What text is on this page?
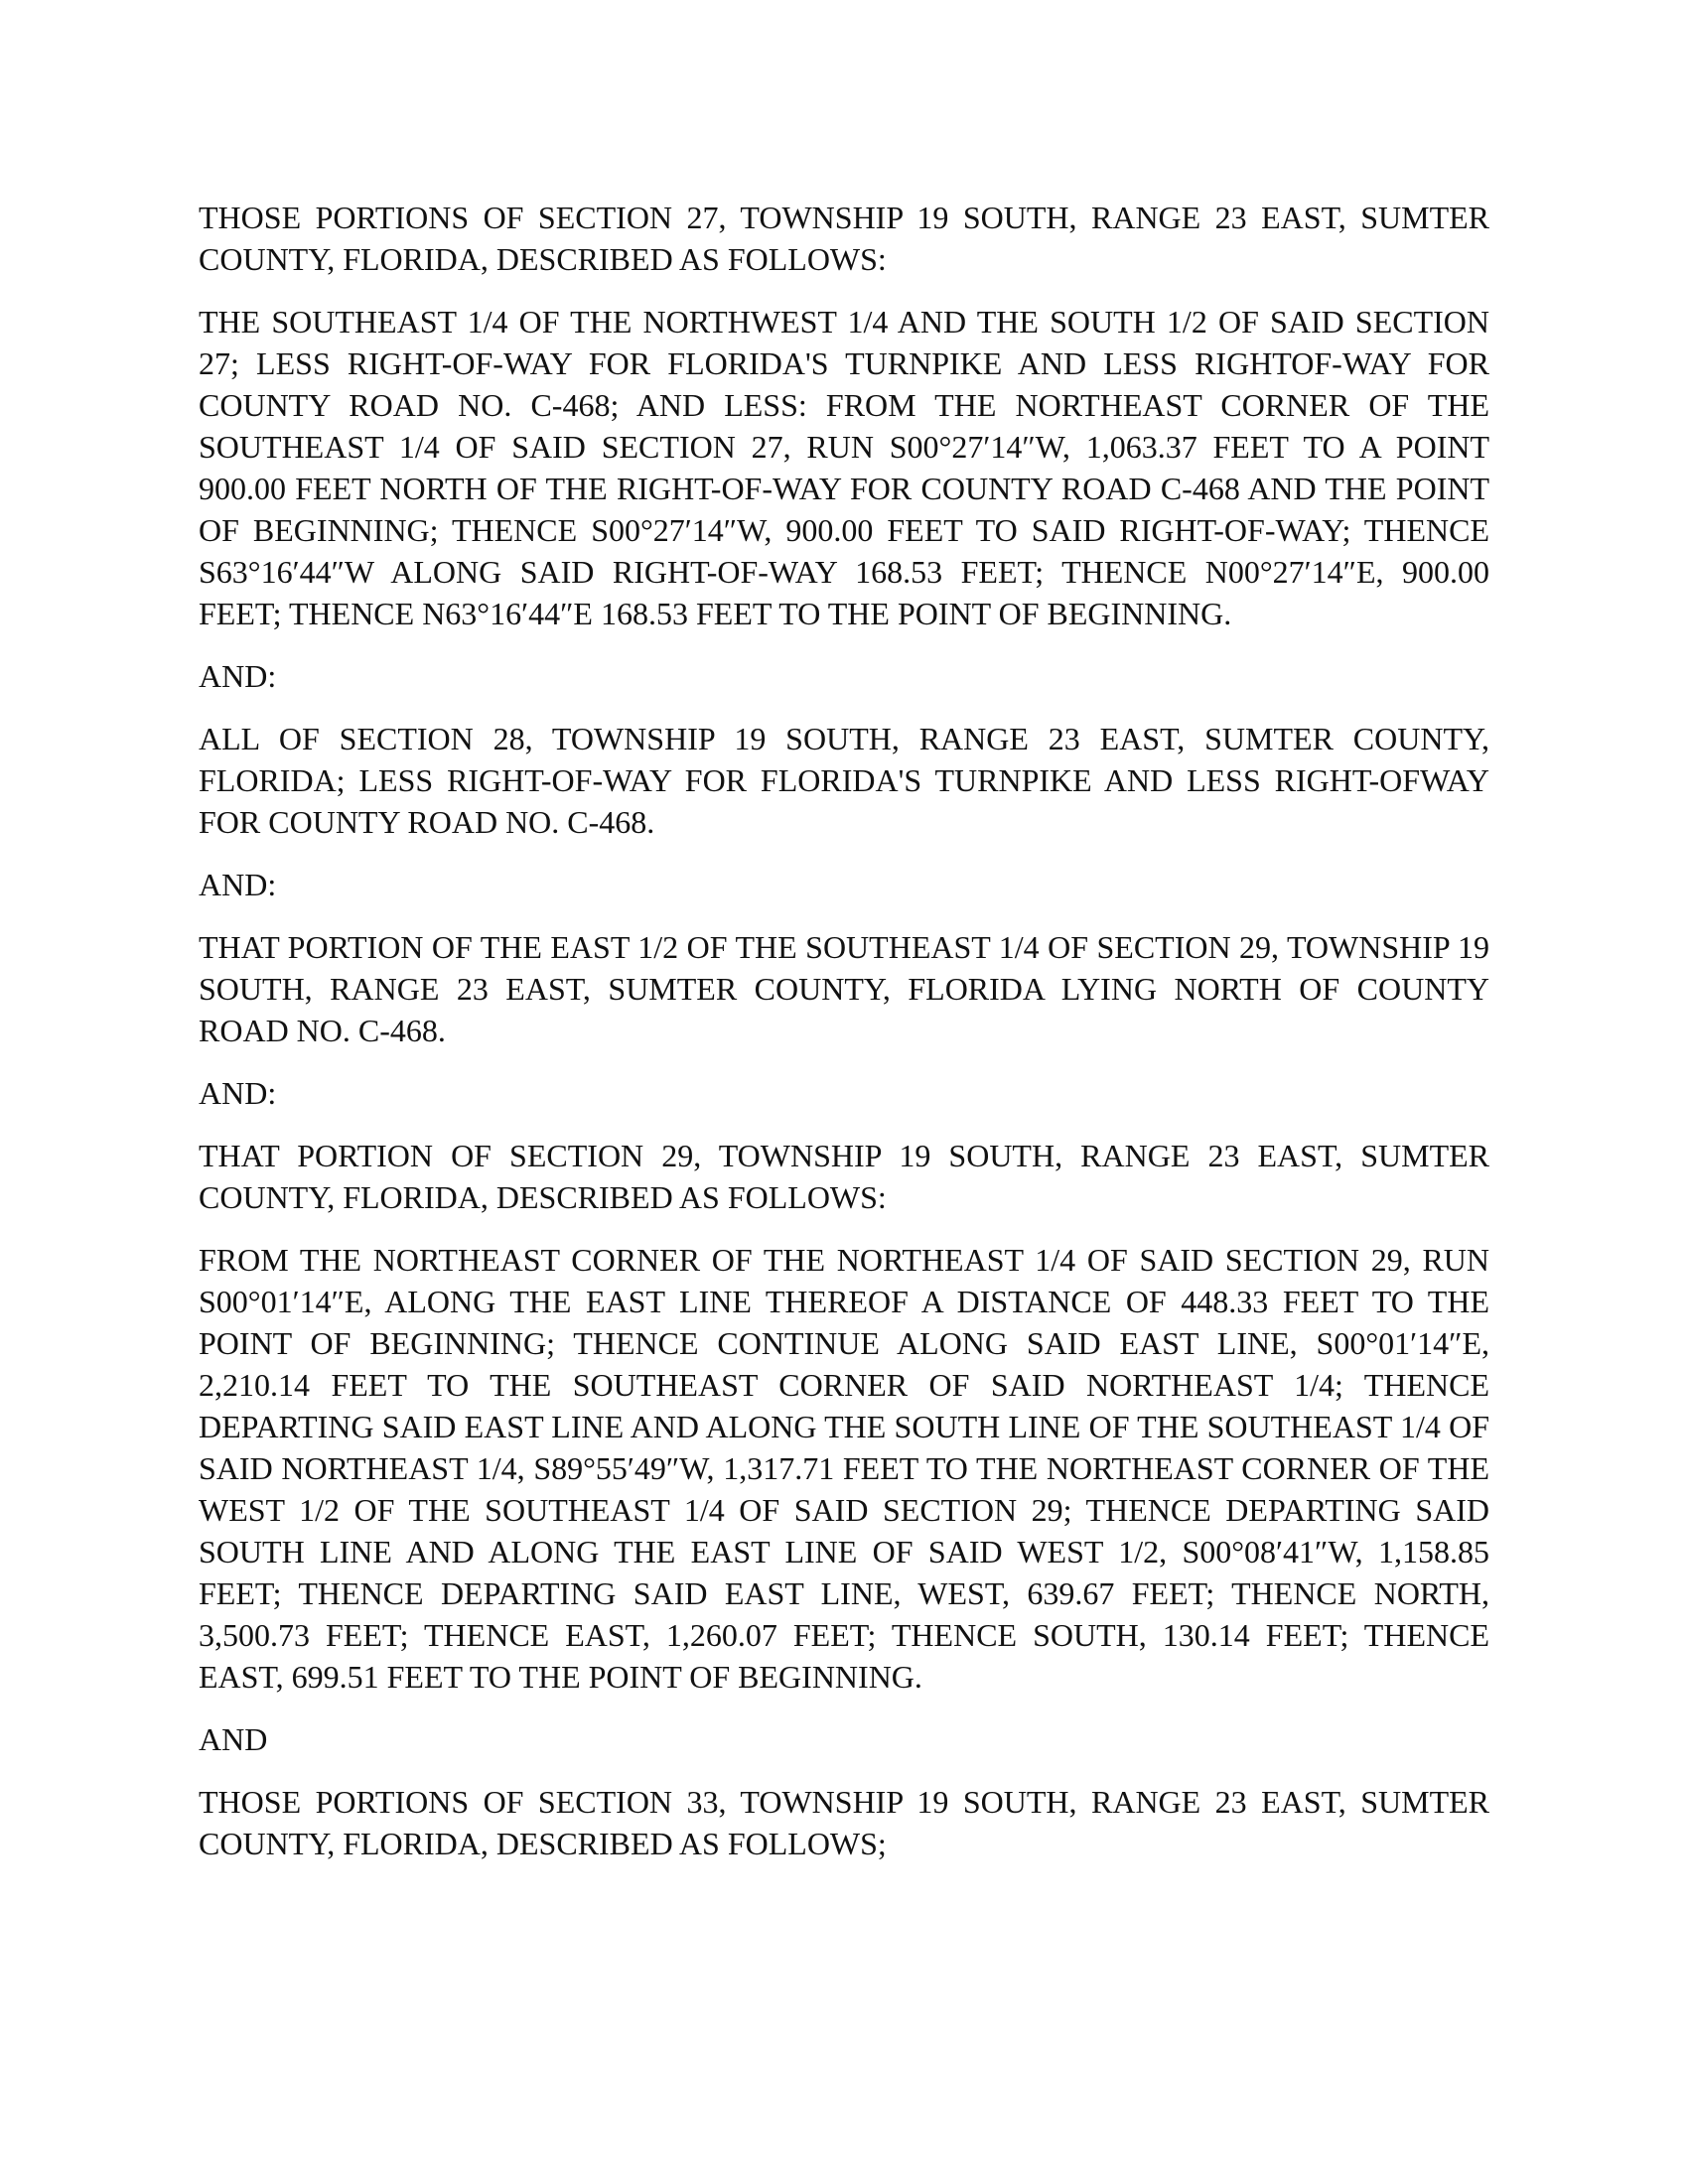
THOSE PORTIONS OF SECTION 27, TOWNSHIP 19 SOUTH, RANGE 23 EAST, SUMTER COUNTY, FLORIDA, DESCRIBED AS FOLLOWS:

THE SOUTHEAST 1/4 OF THE NORTHWEST 1/4 AND THE SOUTH 1/2 OF SAID SECTION 27; LESS RIGHT-OF-WAY FOR FLORIDA'S TURNPIKE AND LESS RIGHTOF-WAY FOR COUNTY ROAD NO. C-468; AND LESS: FROM THE NORTHEAST CORNER OF THE SOUTHEAST 1/4 OF SAID SECTION 27, RUN S00°27′14″W, 1,063.37 FEET TO A POINT 900.00 FEET NORTH OF THE RIGHT-OF-WAY FOR COUNTY ROAD C-468 AND THE POINT OF BEGINNING; THENCE S00°27′14″W, 900.00 FEET TO SAID RIGHT-OF-WAY; THENCE S63°16′44″W ALONG SAID RIGHT-OF-WAY 168.53 FEET; THENCE N00°27′14″E, 900.00 FEET; THENCE N63°16′44″E 168.53 FEET TO THE POINT OF BEGINNING.

AND:

ALL OF SECTION 28, TOWNSHIP 19 SOUTH, RANGE 23 EAST, SUMTER COUNTY, FLORIDA; LESS RIGHT-OF-WAY FOR FLORIDA'S TURNPIKE AND LESS RIGHT-OFWAY FOR COUNTY ROAD NO. C-468.

AND:

THAT PORTION OF THE EAST 1/2 OF THE SOUTHEAST 1/4 OF SECTION 29, TOWNSHIP 19 SOUTH, RANGE 23 EAST, SUMTER COUNTY, FLORIDA LYING NORTH OF COUNTY ROAD NO. C-468.

AND:

THAT PORTION OF SECTION 29, TOWNSHIP 19 SOUTH, RANGE 23 EAST, SUMTER COUNTY, FLORIDA, DESCRIBED AS FOLLOWS:

FROM THE NORTHEAST CORNER OF THE NORTHEAST 1/4 OF SAID SECTION 29, RUN S00°01′14″E, ALONG THE EAST LINE THEREOF A DISTANCE OF 448.33 FEET TO THE POINT OF BEGINNING; THENCE CONTINUE ALONG SAID EAST LINE, S00°01′14″E, 2,210.14 FEET TO THE SOUTHEAST CORNER OF SAID NORTHEAST 1/4; THENCE DEPARTING SAID EAST LINE AND ALONG THE SOUTH LINE OF THE SOUTHEAST 1/4 OF SAID NORTHEAST 1/4, S89°55′49″W, 1,317.71 FEET TO THE NORTHEAST CORNER OF THE WEST 1/2 OF THE SOUTHEAST 1/4 OF SAID SECTION 29; THENCE DEPARTING SAID SOUTH LINE AND ALONG THE EAST LINE OF SAID WEST 1/2, S00°08′41″W, 1,158.85 FEET; THENCE DEPARTING SAID EAST LINE, WEST, 639.67 FEET; THENCE NORTH, 3,500.73 FEET; THENCE EAST, 1,260.07 FEET; THENCE SOUTH, 130.14 FEET; THENCE EAST, 699.51 FEET TO THE POINT OF BEGINNING.

AND

THOSE PORTIONS OF SECTION 33, TOWNSHIP 19 SOUTH, RANGE 23 EAST, SUMTER COUNTY, FLORIDA, DESCRIBED AS FOLLOWS;
